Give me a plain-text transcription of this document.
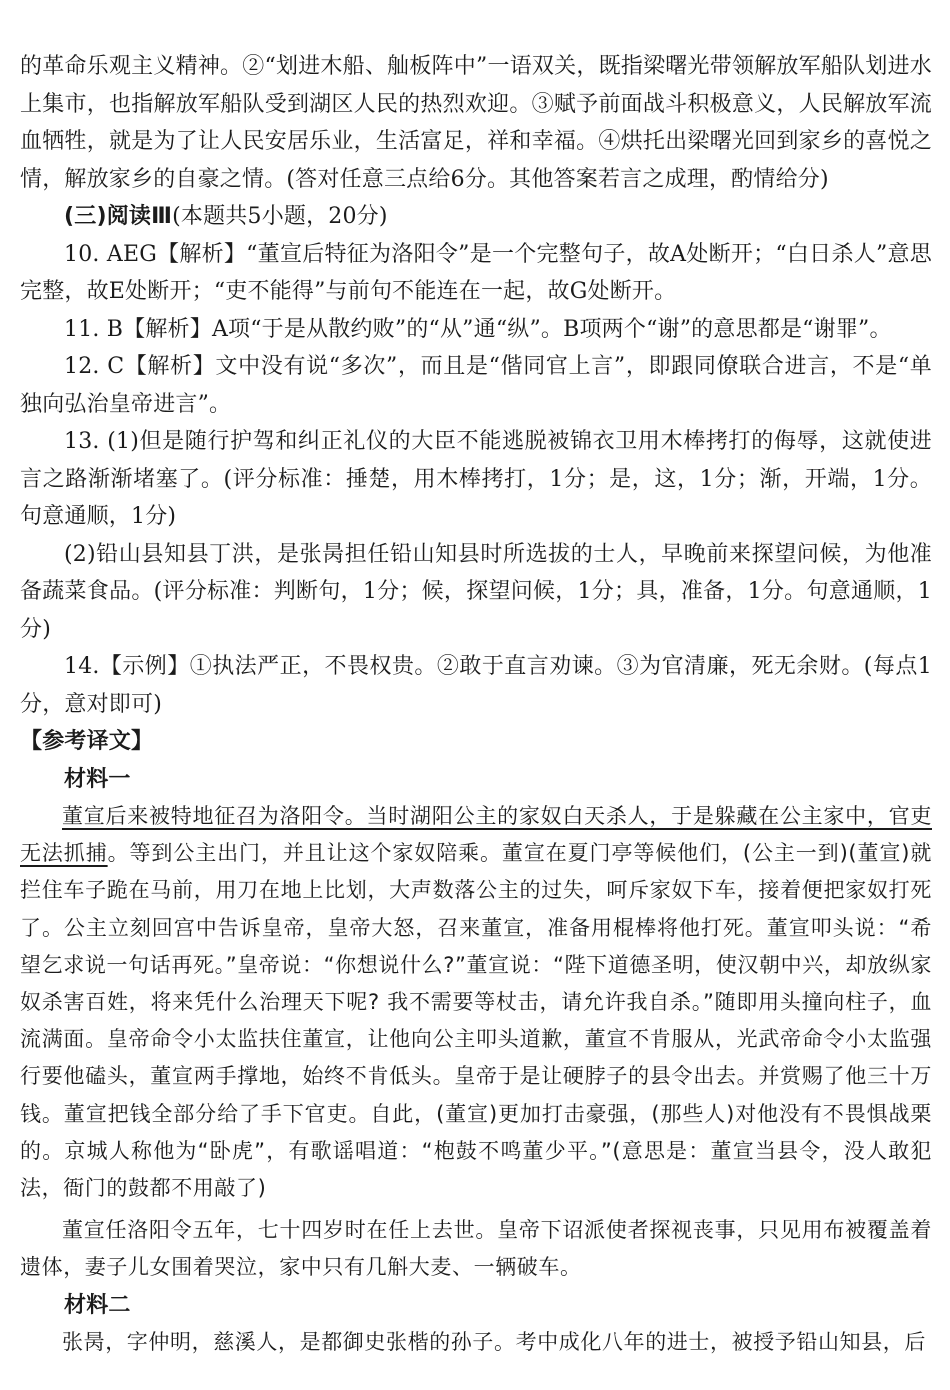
的革命乐观主义精神。②“划进木船、舢板阵中”一语双关，既指梁曙光带领解放军船队划进水上集市，也指解放军船队受到湖区人民的热烈欢迎。③赋予前面战斗积极意义，人民解放军流血牺牲，就是为了让人民安居乐业，生活富足，祥和幸福。④烘托出梁曙光回到家乡的喜悦之情，解放家乡的自豪之情。(答对任意三点给6分。其他答案若言之成理，酌情给分)

(三)阅读Ⅲ(本题共5小题，20分)

10. AEG【解析】“董宣后特征为洛阳令”是一个完整句子，故A处断开；“白日杀人”意思完整，故E处断开；“吏不能得”与前句不能连在一起，故G处断开。

11. B【解析】A项“于是从散约败”的“从”通“纵”。B项两个“谢”的意思都是“谢罪”。

12. C【解析】文中没有说“多次”，而且是“偕同官上言”，即跟同僚联合进言，不是“单独向弘治皇帝进言”。

13. (1)但是随行护驾和纠正礼仪的大臣不能逃脱被锦衣卫用木棒拷打的侮辱，这就使进言之路渐渐堵塞了。(评分标准：捶楚，用木棒拷打，1分；是，这，1分；渐，开端，1分。句意通顺，1分)

(2)铅山县知县丁洪，是张昺担任铅山知县时所选拔的士人，早晚前来探望问候，为他准备蔬菜食品。(评分标准：判断句，1分；候，探望问候，1分；具，准备，1分。句意通顺，1分)

14.【示例】①执法严正，不畏权贵。②敢于直言劝谏。③为官清廉，死无余财。(每点1分，意对即可)

【参考译文】

材料一

董宣后来被特地征召为洛阳令。当时湖阳公主的家奴白天杀人，于是躲藏在公主家中，官吏无法抓捕。等到公主出门，并且让这个家奴陪乘。董宣在夏门亭等候他们，(公主一到)(董宣)就拦住车子跪在马前，用刀在地上比划，大声数落公主的过失，呵斥家奴下车，接着便把家奴打死了。公主立刻回宫中告诉皇帝，皇帝大怒，召来董宣，准备用棍棒将他打死。董宣叩头说：“希望乞求说一句话再死。”皇帝说：“你想说什么?”董宣说：“陛下道德圣明，使汉朝中兴，却放纵家奴杀害百姓，将来凭什么治理天下呢? 我不需要等杖击，请允许我自杀。”随即用头撞向柱子，血流满面。皇帝命令小太监扶住董宣，让他向公主叩头道歉，董宣不肯服从，光武帝命令小太监强行要他磕头，董宣两手撑地，始终不肯低头。皇帝于是让硬脖子的县令出去。并赏赐了他三十万钱。董宣把钱全部分给了手下官吏。自此，(董宣)更加打击豪强，(那些人)对他没有不畏惧战栗的。京城人称他为“卧虎”，有歌谣唱道：“枹鼓不鸣董少平。”(意思是：董宣当县令，没人敢犯法，衙门的鼓都不用敲了)

董宣任洛阳令五年，七十四岁时在任上去世。皇帝下诏派使者探视丧事，只见用布被覆盖着遗体，妻子儿女围着哭泣，家中只有几斛大麦、一辆破车。

材料二

张昺，字仲明，慈溪人，是都御史张楷的孙子。考中成化八年的进士，被授予铅山知县，后
